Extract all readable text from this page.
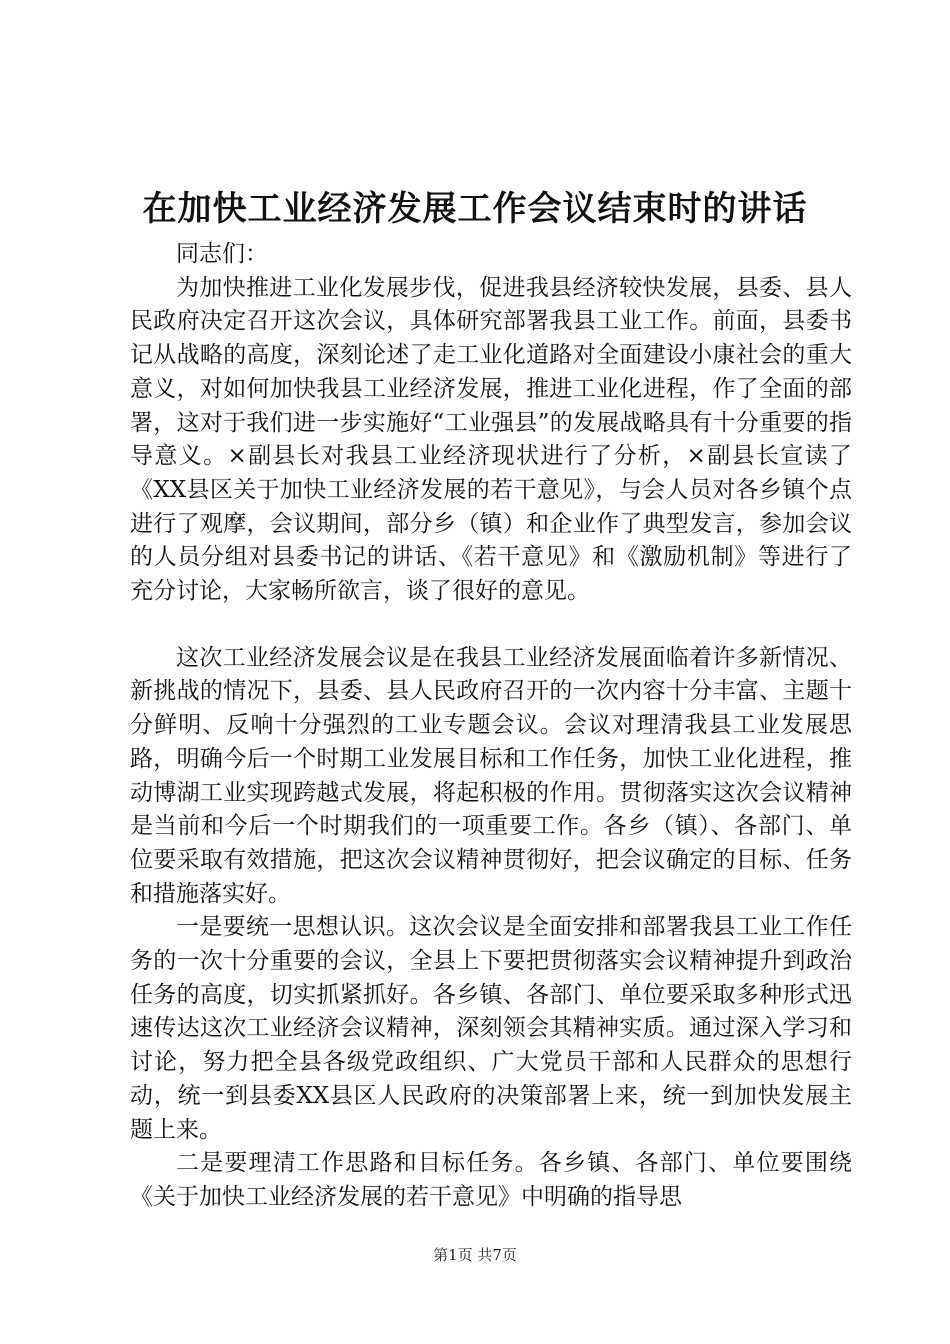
在加快工业经济发展工作会议结束时的讲话

同志们：

为加快推进工业化发展步伐，促进我县经济较快发展，县委、县人民政府决定召开这次会议，具体研究部署我县工业工作。前面，县委书记从战略的高度，深刻论述了走工业化道路对全面建设小康社会的重大意义，对如何加快我县工业经济发展，推进工业化进程，作了全面的部署，这对于我们进一步实施好“工业强县”的发展战略具有十分重要的指导意义。×副县长对我县工业经济现状进行了分析，×副县长宣读了《XX县区关于加快工业经济发展的若干意见》，与会人员对各乡镇个点进行了观摩，会议期间，部分乡（镇）和企业作了典型发言，参加会议的人员分组对县委书记的讲话、《若干意见》和《激励机制》等进行了充分讨论，大家畅所欲言，谈了很好的意见。

这次工业经济发展会议是在我县工业经济发展面临着许多新情况、新挑战的情况下，县委、县人民政府召开的一次内容十分丰富、主题十分鲜明、反响十分强烈的工业专题会议。会议对理清我县工业发展思路，明确今后一个时期工业发展目标和工作任务，加快工业化进程，推动博湖工业实现跨越式发展，将起积极的作用。贯彻落实这次会议精神是当前和今后一个时期我们的一项重要工作。各乡（镇）、各部门、单位要采取有效措施，把这次会议精神贯彻好，把会议确定的目标、任务和措施落实好。

一是要统一思想认识。这次会议是全面安排和部署我县工业工作任务的一次十分重要的会议，全县上下要把贯彻落实会议精神提升到政治任务的高度，切实抓紧抓好。各乡镇、各部门、单位要采取多种形式迅速传达这次工业经济会议精神，深刻领会其精神实质。通过深入学习和讨论，努力把全县各级党政组织、广大党员干部和人民群众的思想行动，统一到县委XX县区人民政府的决策部署上来，统一到加快发展主题上来。

二是要理清工作思路和目标任务。各乡镇、各部门、单位要围绕《关于加快工业经济发展的若干意见》中明确的指导思

第1页 共7页
